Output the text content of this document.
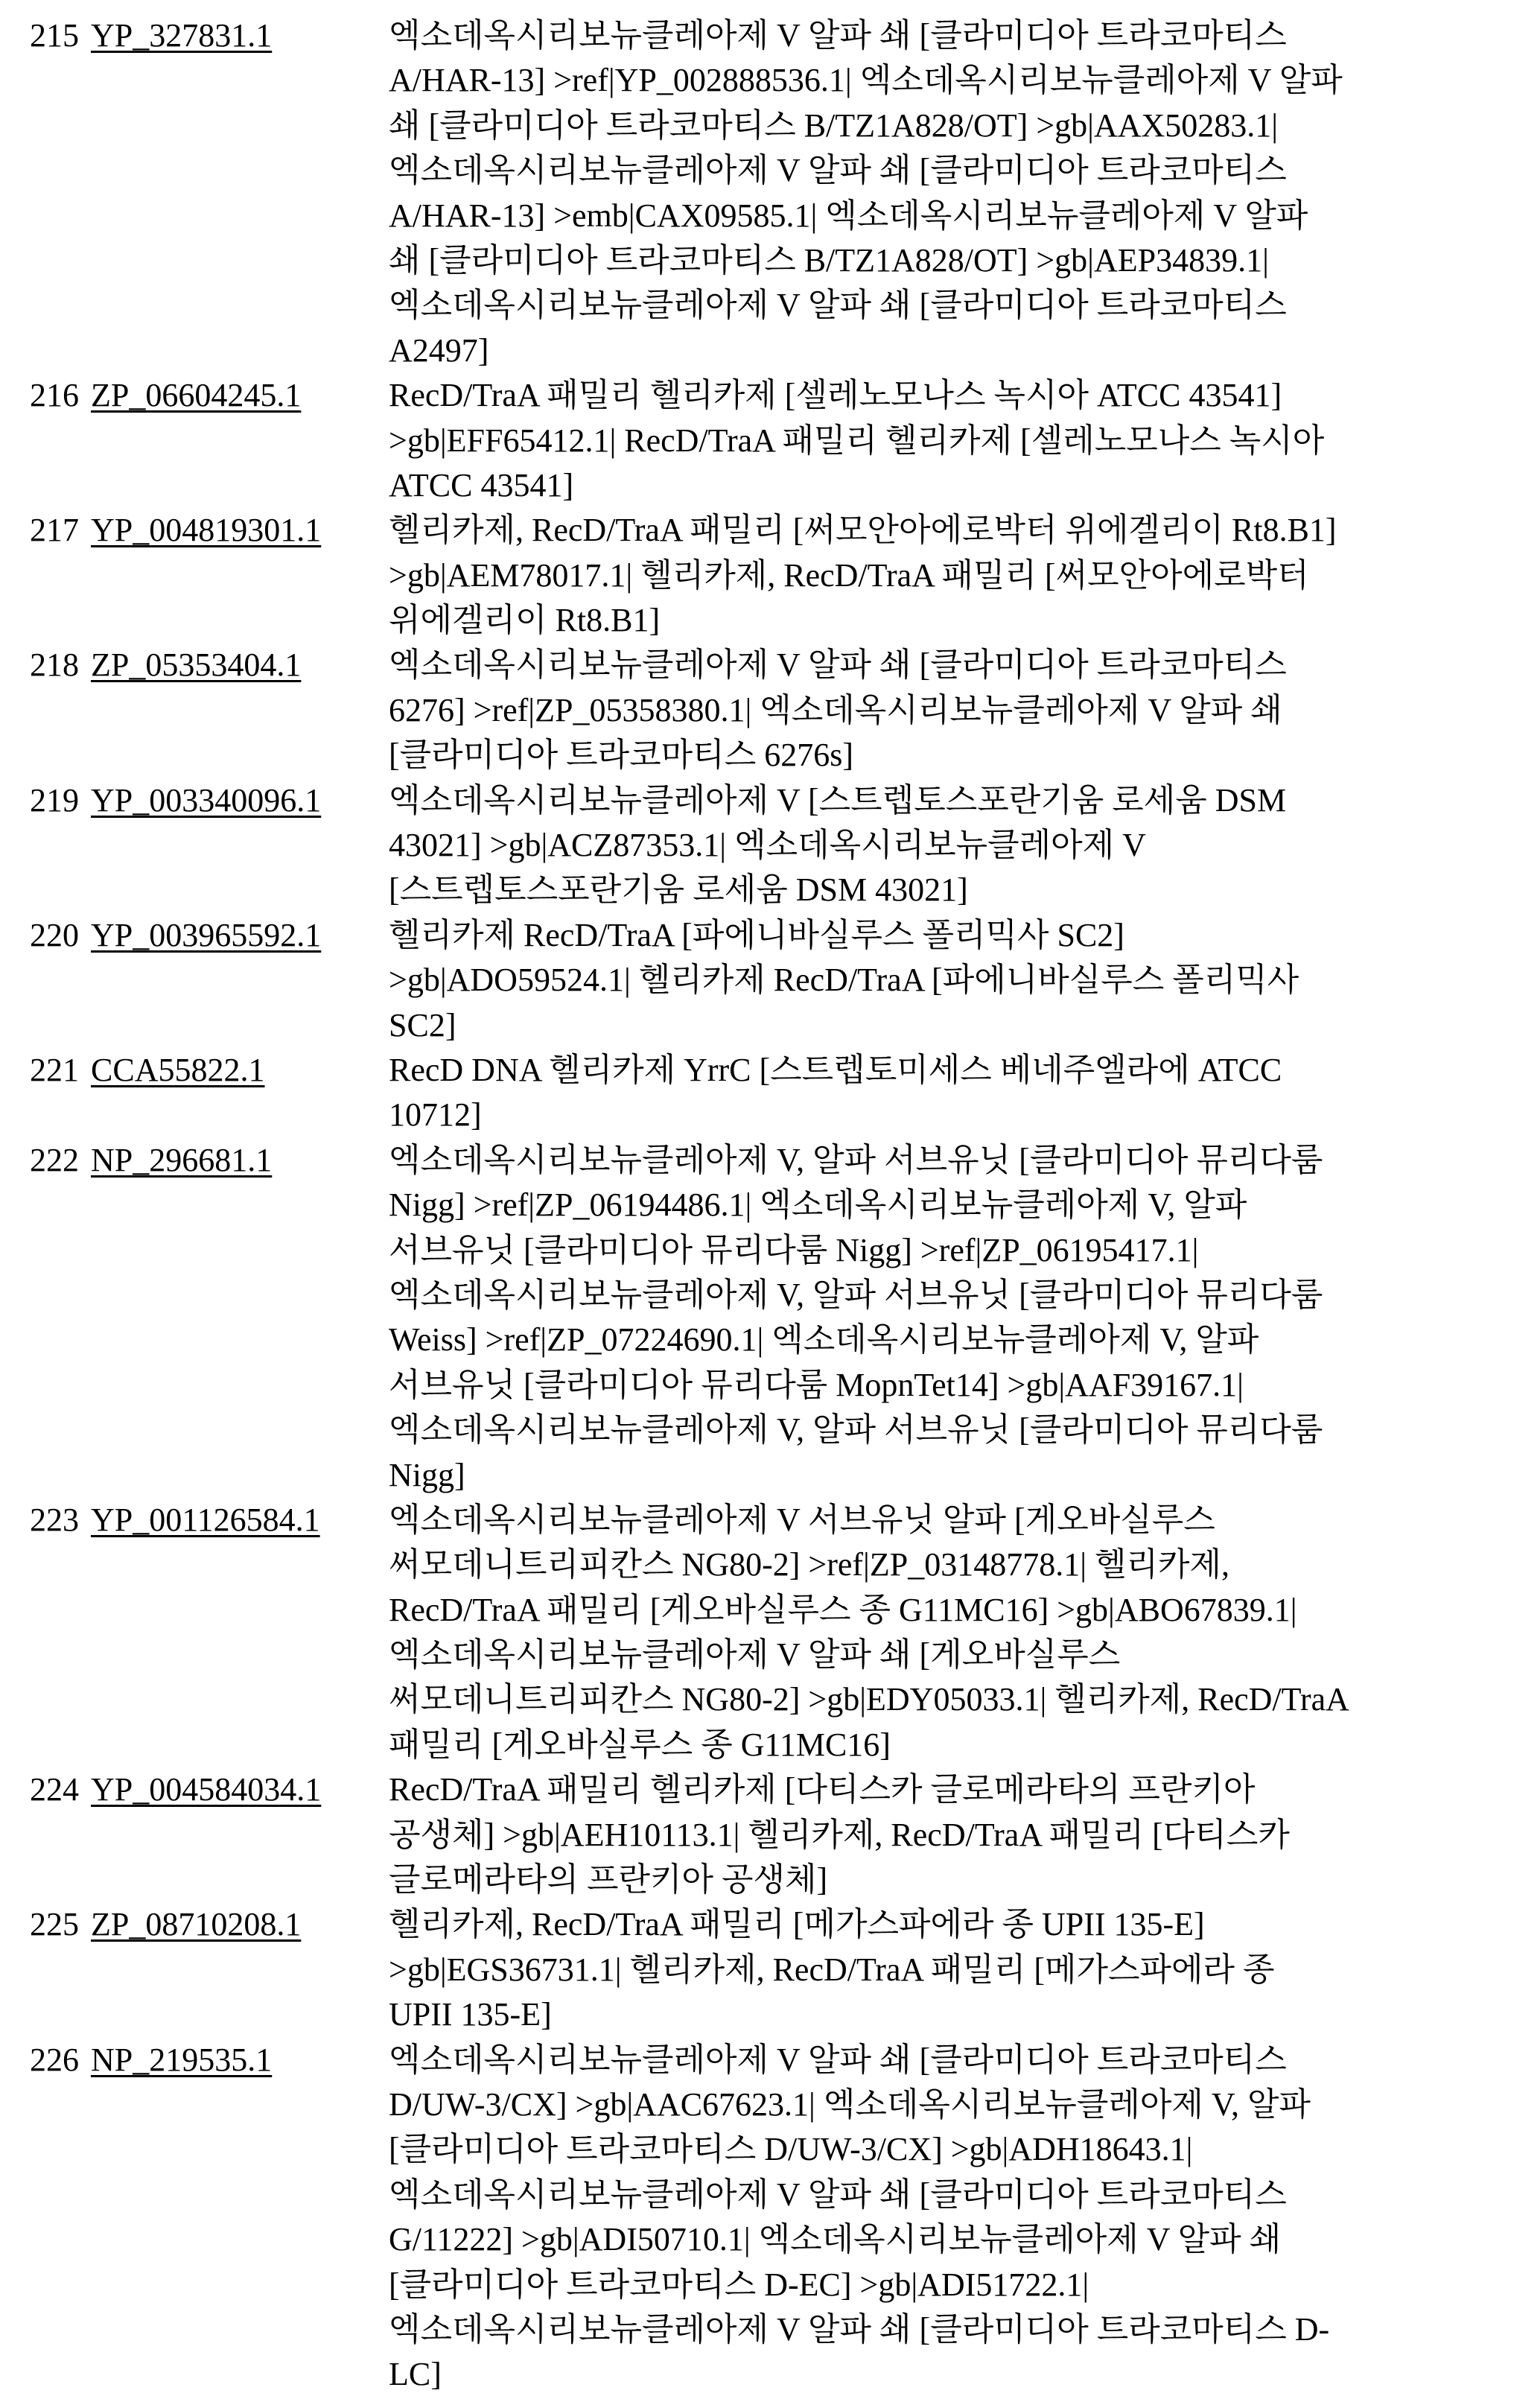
215 YP_327831.1	엑소데옥시리보뉴클레아제 V 알파 쇄 [클라미디아 트라코마티스
A/HAR-13] >ref|YP_002888536.1| 엑소데옥시리보뉴클레아제 V 알파
쇄 [클라미디아 트라코마티스 B/TZ1A828/OT] >gb|AAX50283.1|
엑소데옥시리보뉴클레아제 V 알파 쇄 [클라미디아 트라코마티스
A/HAR-13] >emb|CAX09585.1| 엑소데옥시리보뉴클레아제 V 알파
쇄 [클라미디아 트라코마티스 B/TZ1A828/OT] >gb|AEP34839.1|
엑소데옥시리보뉴클레아제 V 알파 쇄 [클라미디아 트라코마티스
A2497]
216 ZP_06604245.1	RecD/TraA 패밀리 헬리카제 [셀레노모나스 녹시아 ATCC 43541]
>gb|EFF65412.1| RecD/TraA 패밀리 헬리카제 [셀레노모나스 녹시아
ATCC 43541]
217 YP_004819301.1	헬리카제, RecD/TraA 패밀리 [써모안아에로박터 위에겔리이 Rt8.B1]
>gb|AEM78017.1| 헬리카제, RecD/TraA 패밀리 [써모안아에로박터
위에겔리이 Rt8.B1]
218 ZP_05353404.1	엑소데옥시리보뉴클레아제 V 알파 쇄 [클라미디아 트라코마티스
6276] >ref|ZP_05358380.1| 엑소데옥시리보뉴클레아제 V 알파 쇄
[클라미디아 트라코마티스 6276s]
219 YP_003340096.1	엑소데옥시리보뉴클레아제 V [스트렙토스포란기움 로세움 DSM
43021] >gb|ACZ87353.1| 엑소데옥시리보뉴클레아제 V
[스트렙토스포란기움 로세움 DSM 43021]
220 YP_003965592.1	헬리카제 RecD/TraA [파에니바실루스 폴리믹사 SC2]
>gb|ADO59524.1| 헬리카제 RecD/TraA [파에니바실루스 폴리믹사
SC2]
221 CCA55822.1	RecD DNA 헬리카제 YrrC [스트렙토미세스 베네주엘라에 ATCC
10712]
222 NP_296681.1	엑소데옥시리보뉴클레아제 V, 알파 서브유닛 [클라미디아 뮤리다룸
Nigg] >ref|ZP_06194486.1| 엑소데옥시리보뉴클레아제 V, 알파
서브유닛 [클라미디아 뮤리다룸 Nigg] >ref|ZP_06195417.1|
엑소데옥시리보뉴클레아제 V, 알파 서브유닛 [클라미디아 뮤리다룸
Weiss] >ref|ZP_07224690.1| 엑소데옥시리보뉴클레아제 V, 알파
서브유닛 [클라미디아 뮤리다룸 MopnTet14] >gb|AAF39167.1|
엑소데옥시리보뉴클레아제 V, 알파 서브유닛 [클라미디아 뮤리다룸
Nigg]
223 YP_001126584.1	엑소데옥시리보뉴클레아제 V 서브유닛 알파 [게오바실루스
써모데니트리피칸스 NG80-2] >ref|ZP_03148778.1| 헬리카제,
RecD/TraA 패밀리 [게오바실루스 종 G11MC16] >gb|ABO67839.1|
엑소데옥시리보뉴클레아제 V 알파 쇄 [게오바실루스
써모데니트리피칸스 NG80-2] >gb|EDY05033.1| 헬리카제, RecD/TraA
패밀리 [게오바실루스 종 G11MC16]
224 YP_004584034.1	RecD/TraA 패밀리 헬리카제 [다티스카 글로메라타의 프란키아
공생체] >gb|AEH10113.1| 헬리카제, RecD/TraA 패밀리 [다티스카
글로메라타의 프란키아 공생체]
225 ZP_08710208.1	헬리카제, RecD/TraA 패밀리 [메가스파에라 종 UPII 135-E]
>gb|EGS36731.1| 헬리카제, RecD/TraA 패밀리 [메가스파에라 종
UPII 135-E]
226 NP_219535.1	엑소데옥시리보뉴클레아제 V 알파 쇄 [클라미디아 트라코마티스
D/UW-3/CX] >gb|AAC67623.1| 엑소데옥시리보뉴클레아제 V, 알파
[클라미디아 트라코마티스 D/UW-3/CX] >gb|ADH18643.1|
엑소데옥시리보뉴클레아제 V 알파 쇄 [클라미디아 트라코마티스
G/11222] >gb|ADI50710.1| 엑소데옥시리보뉴클레아제 V 알파 쇄
[클라미디아 트라코마티스 D-EC] >gb|ADI51722.1|
엑소데옥시리보뉴클레아제 V 알파 쇄 [클라미디아 트라코마티스 D-
LC]
